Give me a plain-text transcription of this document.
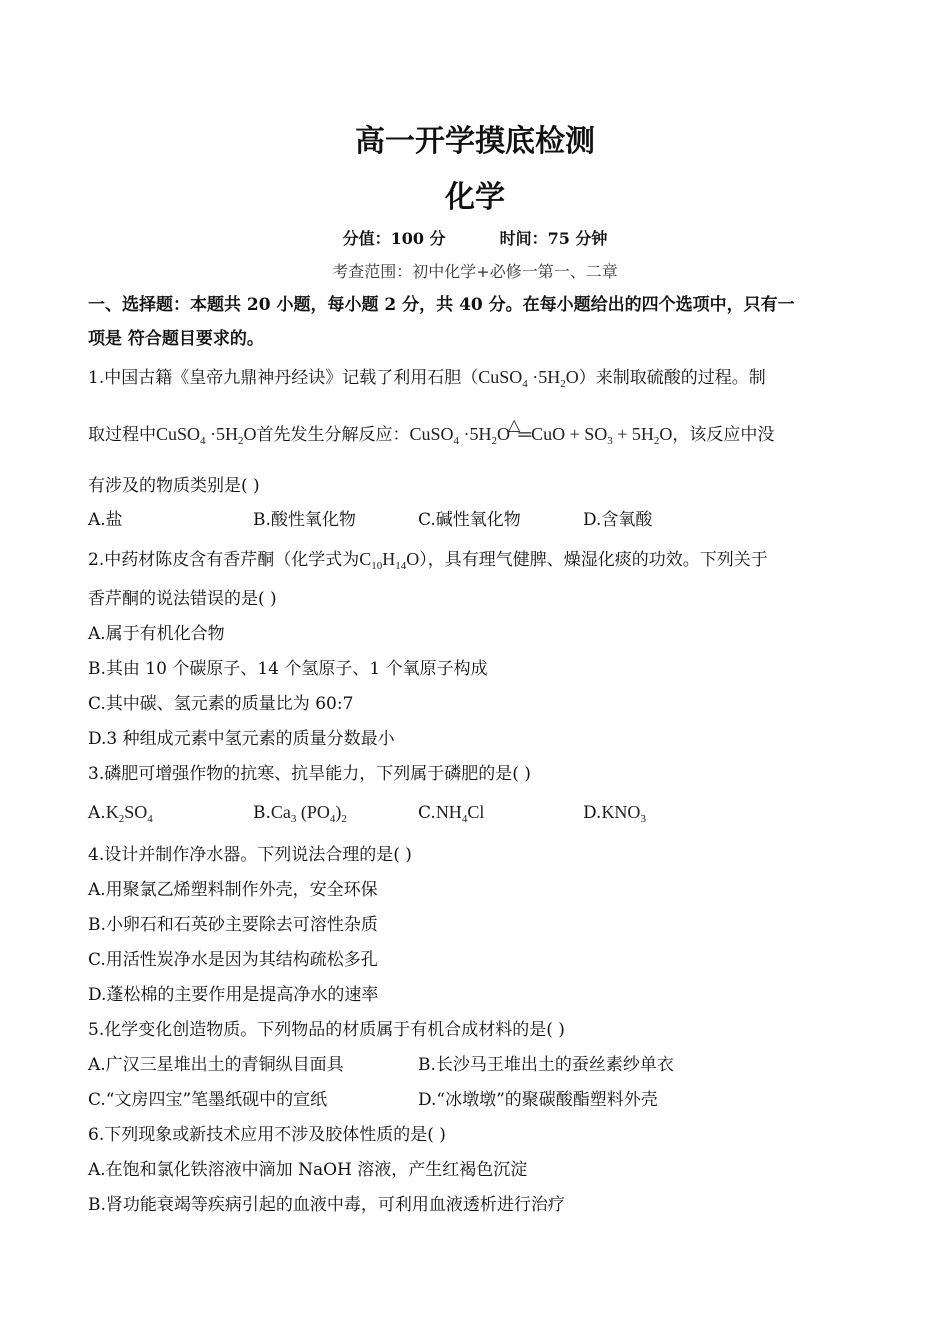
高一开学摸底检测
化学
分值：100 分	时间：75 分钟
考查范围：初中化学+必修一第一、二章
一、选择题：本题共 20 小题，每小题 2 分，共 40 分。在每小题给出的四个选项中，只有一
项是 符合题目要求的。
1.中国古籍《皇帝九鼎神丹经诀》记载了利用石胆（CuSO$_4$ $\cdot 5H_2O$）来制取硫酸的过程。制
取过程中CuSO$_4$ $\cdot 5H_2O$首先发生分解反应：CuSO$_4$ $\cdot 5H_2O\triangle═CuO + SO_3 + 5H_2O$，该反应中没
有涉及的物质类别是( )
A.盐	B.酸性氧化物	C.碱性氧化物	D.含氧酸
2.中药材陈皮含有香芹酮（化学式为$C_{10}H_{14}O$），具有理气健脾、燥湿化痰的功效。下列关于
香芹酮的说法错误的是( )
A.属于有机化合物
B.其由 10 个碳原子、14 个氢原子、1 个氧原子构成
C.其中碳、氢元素的质量比为 60:7
D.3 种组成元素中氢元素的质量分数最小
3.磷肥可增强作物的抗寒、抗旱能力，下列属于磷肥的是( )
$A.K_2SO_4$	$B.Ca_3$ $(PO_4)_2$	$C.NH_4Cl$	$D.KNO_3$
4.设计并制作净水器。下列说法合理的是( )
A.用聚氯乙烯塑料制作外壳，安全环保
B.小卵石和石英砂主要除去可溶性杂质
C.用活性炭净水是因为其结构疏松多孔
D.蓬松棉的主要作用是提高净水的速率
5.化学变化创造物质。下列物品的材质属于有机合成材料的是( )
A.广汉三星堆出土的青铜纵目面具	B.长沙马王堆出土的蚕丝素纱单衣
C.“文房四宝”笔墨纸砚中的宣纸	D.“冰墩墩”的聚碳酸酯塑料外壳
6.下列现象或新技术应用不涉及胶体性质的是( )
A.在饱和氯化铁溶液中滴加 NaOH 溶液，产生红褐色沉淀
B.肾功能衰竭等疾病引起的血液中毒，可利用血液透析进行治疗
